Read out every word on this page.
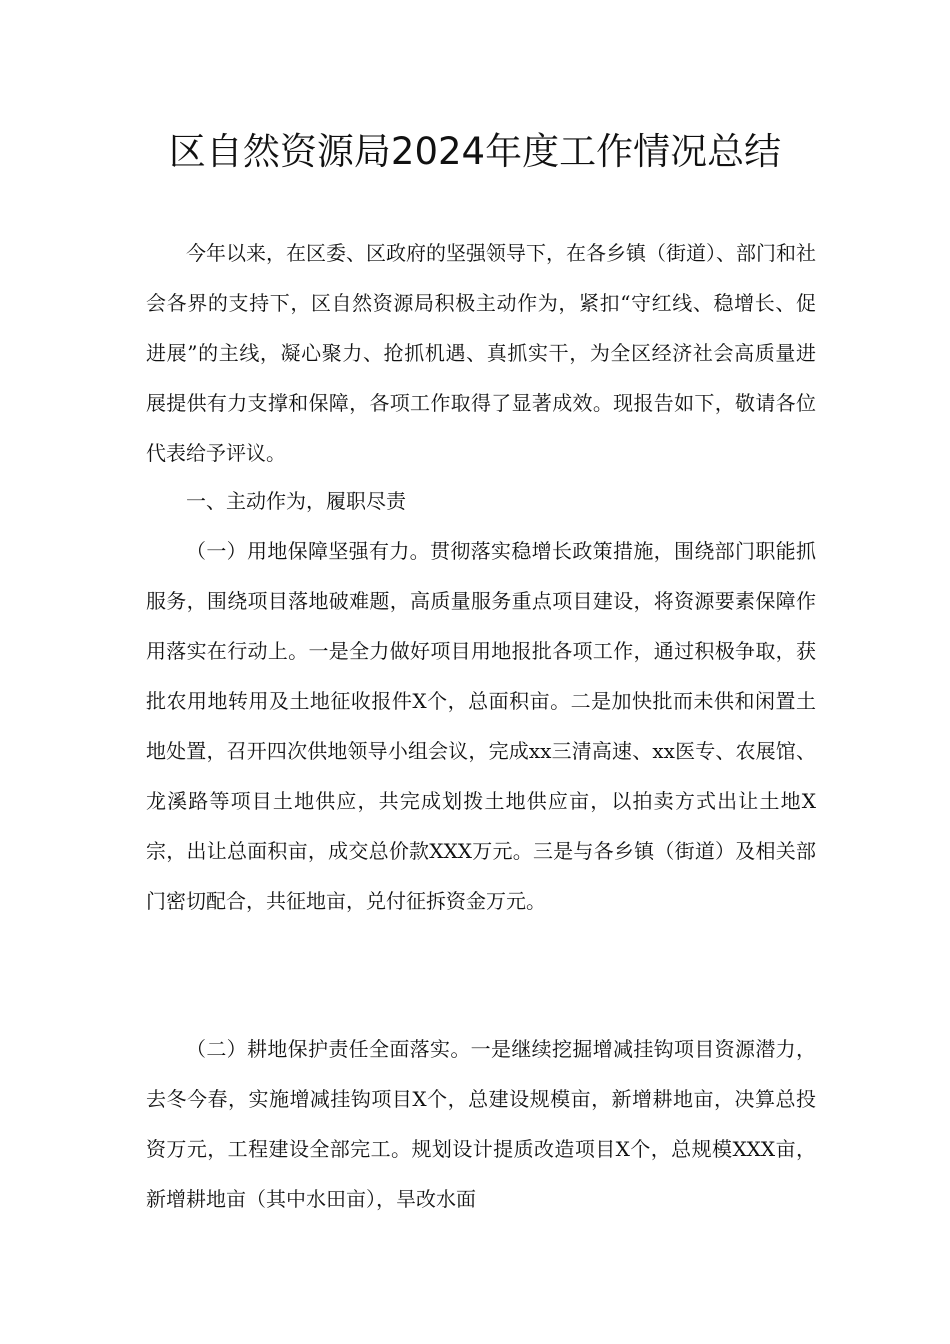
区自然资源局2024年度工作情况总结

今年以来，在区委、区政府的坚强领导下，在各乡镇（街道）、部门和社会各界的支持下，区自然资源局积极主动作为，紧扣“守红线、稳增长、促进展”的主线，凝心聚力、抢抓机遇、真抓实干，为全区经济社会高质量进展提供有力支撑和保障，各项工作取得了显著成效。现报告如下，敬请各位代表给予评议。

一、主动作为，履职尽责

（一）用地保障坚强有力。贯彻落实稳增长政策措施，围绕部门职能抓服务，围绕项目落地破难题，高质量服务重点项目建设，将资源要素保障作用落实在行动上。一是全力做好项目用地报批各项工作，通过积极争取，获批农用地转用及土地征收报件X个，总面积亩。二是加快批而未供和闲置土地处置，召开四次供地领导小组会议，完成xx三清高速、xx医专、农展馆、龙溪路等项目土地供应，共完成划拨土地供应亩，以拍卖方式出让土地X宗，出让总面积亩，成交总价款XXX万元。三是与各乡镇（街道）及相关部门密切配合，共征地亩，兑付征拆资金万元。

（二）耕地保护责任全面落实。一是继续挖掘增减挂钩项目资源潜力，去冬今春，实施增减挂钩项目X个，总建设规模亩，新增耕地亩，决算总投资万元，工程建设全部完工。规划设计提质改造项目X个，总规模XXX亩，新增耕地亩（其中水田亩），旱改水面
